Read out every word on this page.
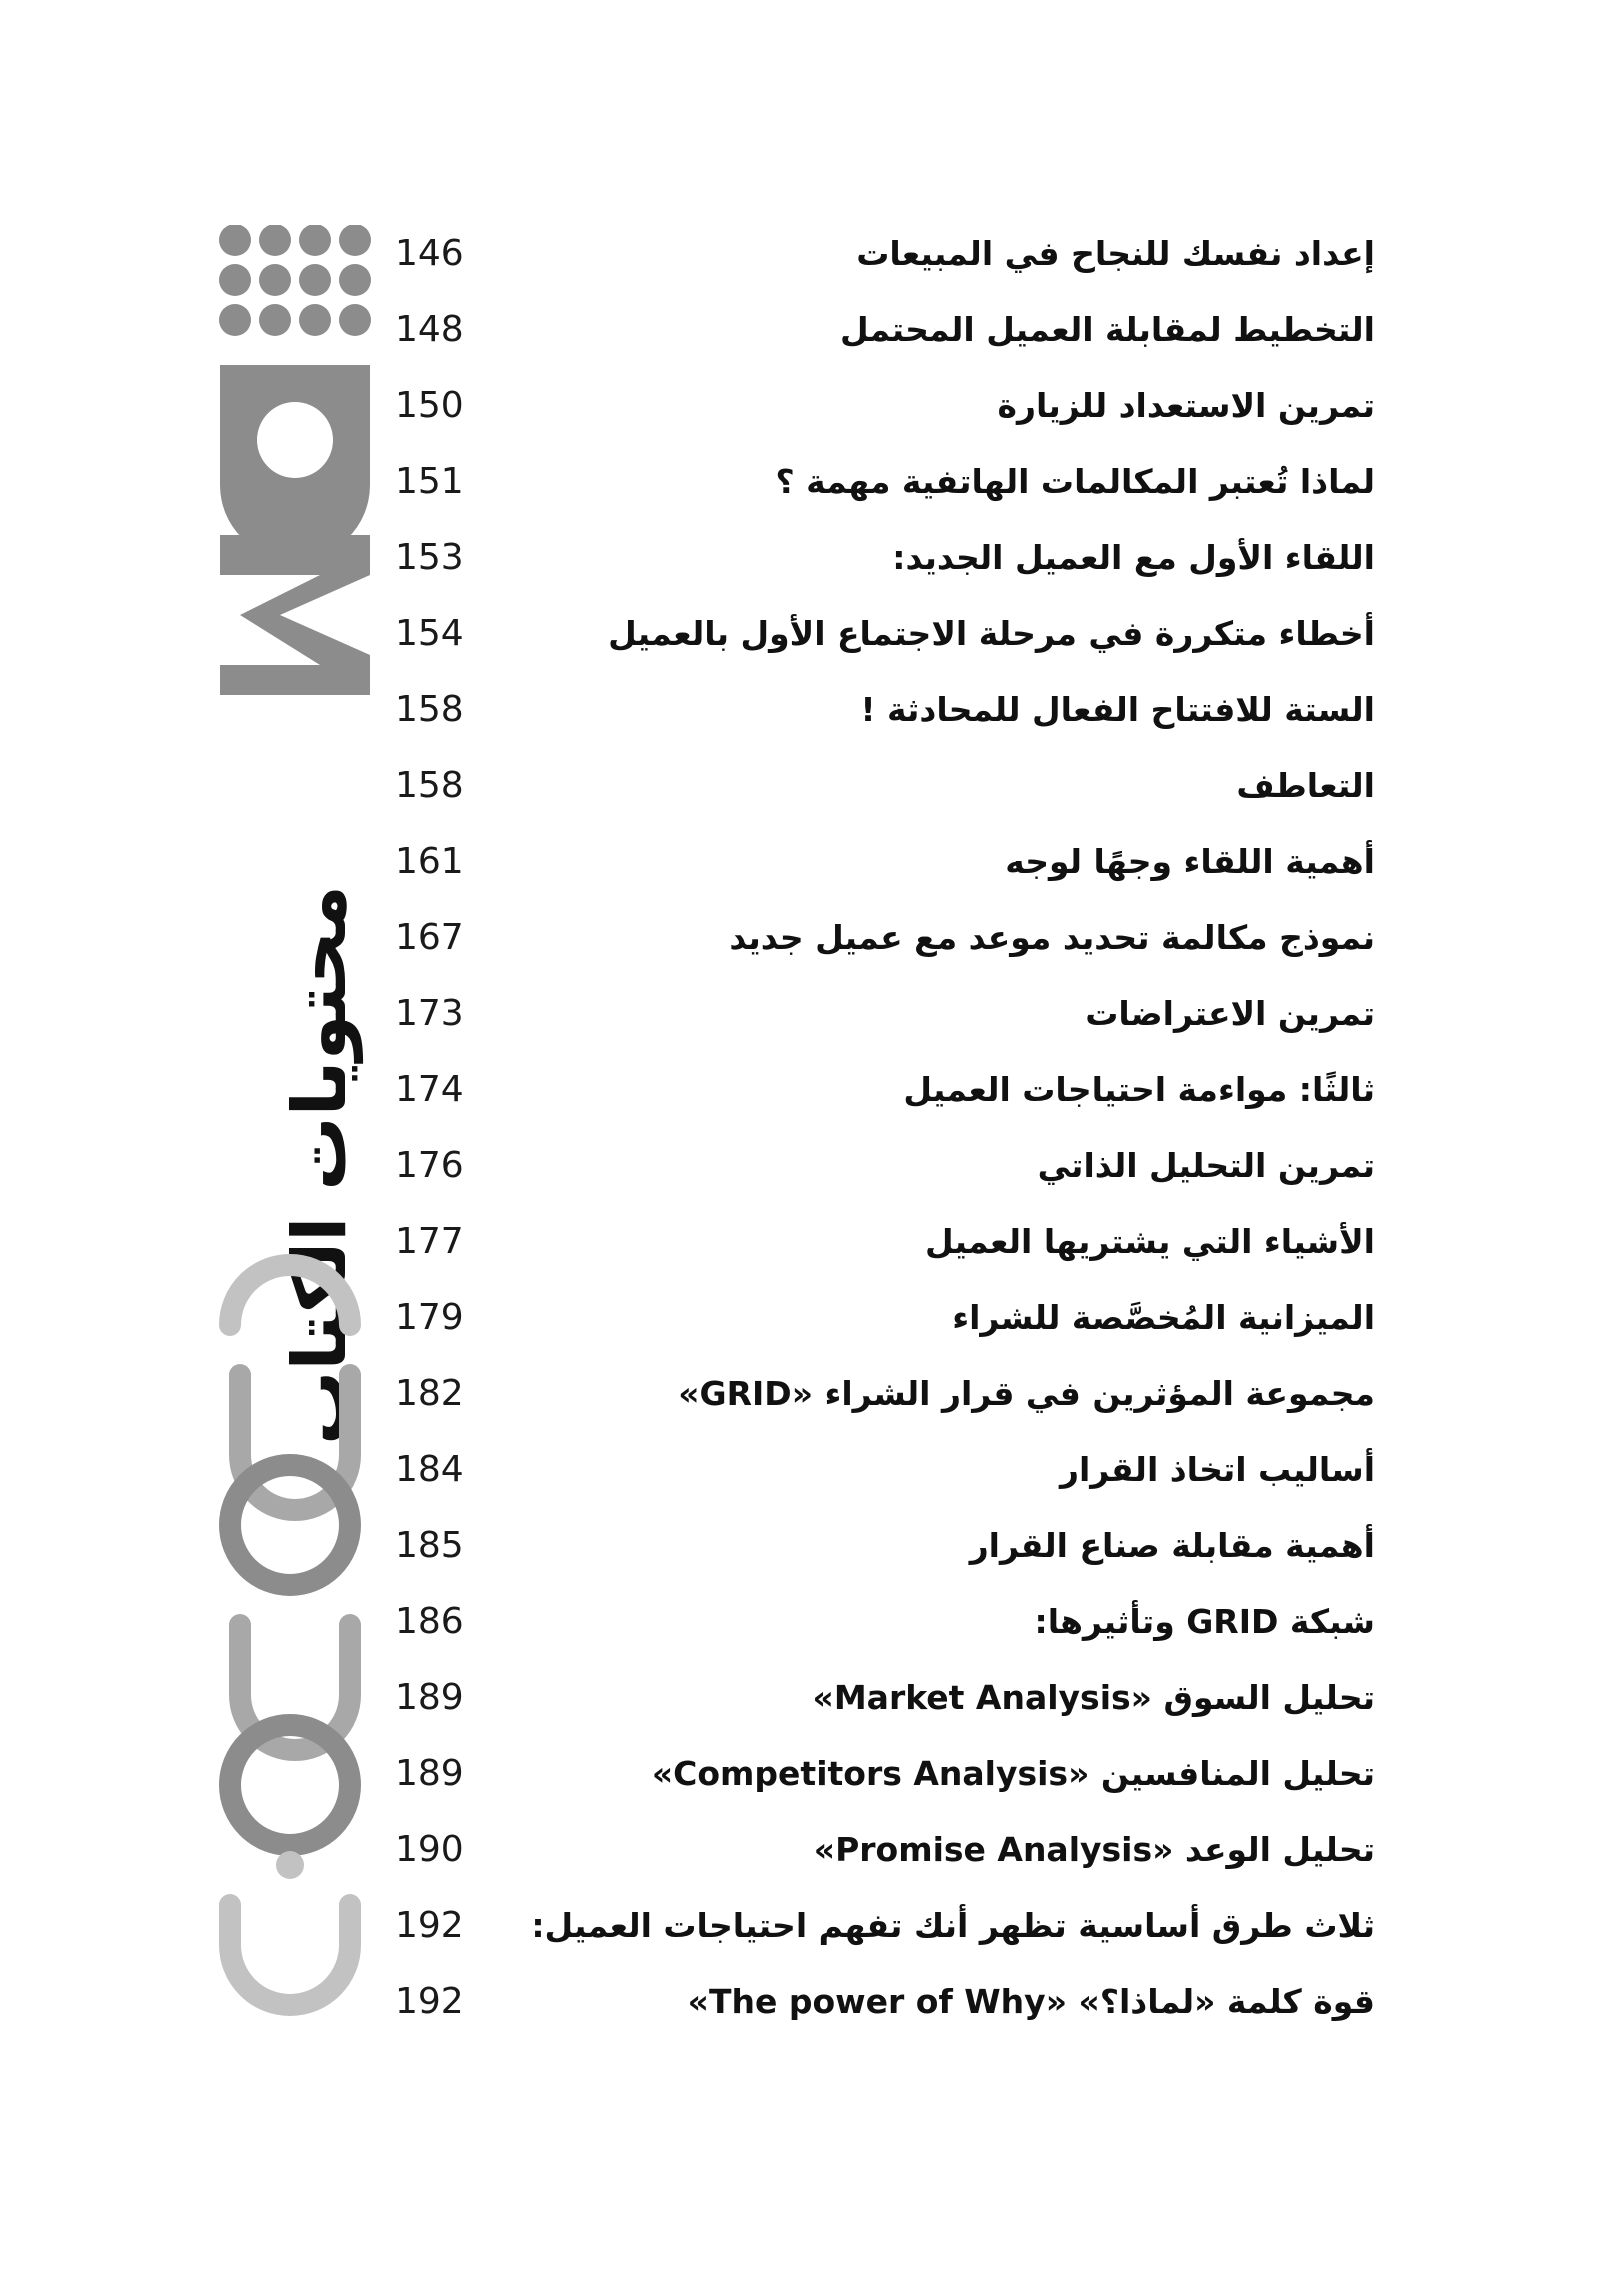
محتويات الكتاب
146	إعداد نفسك للنجاح في المبيعات
148	التخطيط لمقابلة العميل المحتمل
150	تمرين الاستعداد للزيارة
151	لماذا تُعتبر المكالمات الهاتفية مهمة ؟
153	اللقاء الأول مع العميل الجديد:
154	أخطاء متكررة في مرحلة الاجتماع الأول بالعميل
158	الستة للافتتاح الفعال للمحادثة !
158	التعاطف
161	أهمية اللقاء وجهًا لوجه
167	نموذج مكالمة تحديد موعد مع عميل جديد
173	تمرين الاعتراضات
174	ثالثًا: مواءمة احتياجات العميل
176	تمرين التحليل الذاتي
177	الأشياء التي يشتريها العميل
179	الميزانية المُخصَّصة للشراء
182	مجموعة المؤثرين في قرار الشراء «GRID»
184	أساليب اتخاذ القرار
185	أهمية مقابلة صناع القرار
186	شبكة GRID وتأثيرها:
189	تحليل السوق «Market Analysis»
189	تحليل المنافسين «Competitors Analysis»
190	تحليل الوعد «Promise Analysis»
192	ثلاث طرق أساسية تظهر أنك تفهم احتياجات العميل:
192	قوة كلمة «لماذا؟» «The power of Why»
